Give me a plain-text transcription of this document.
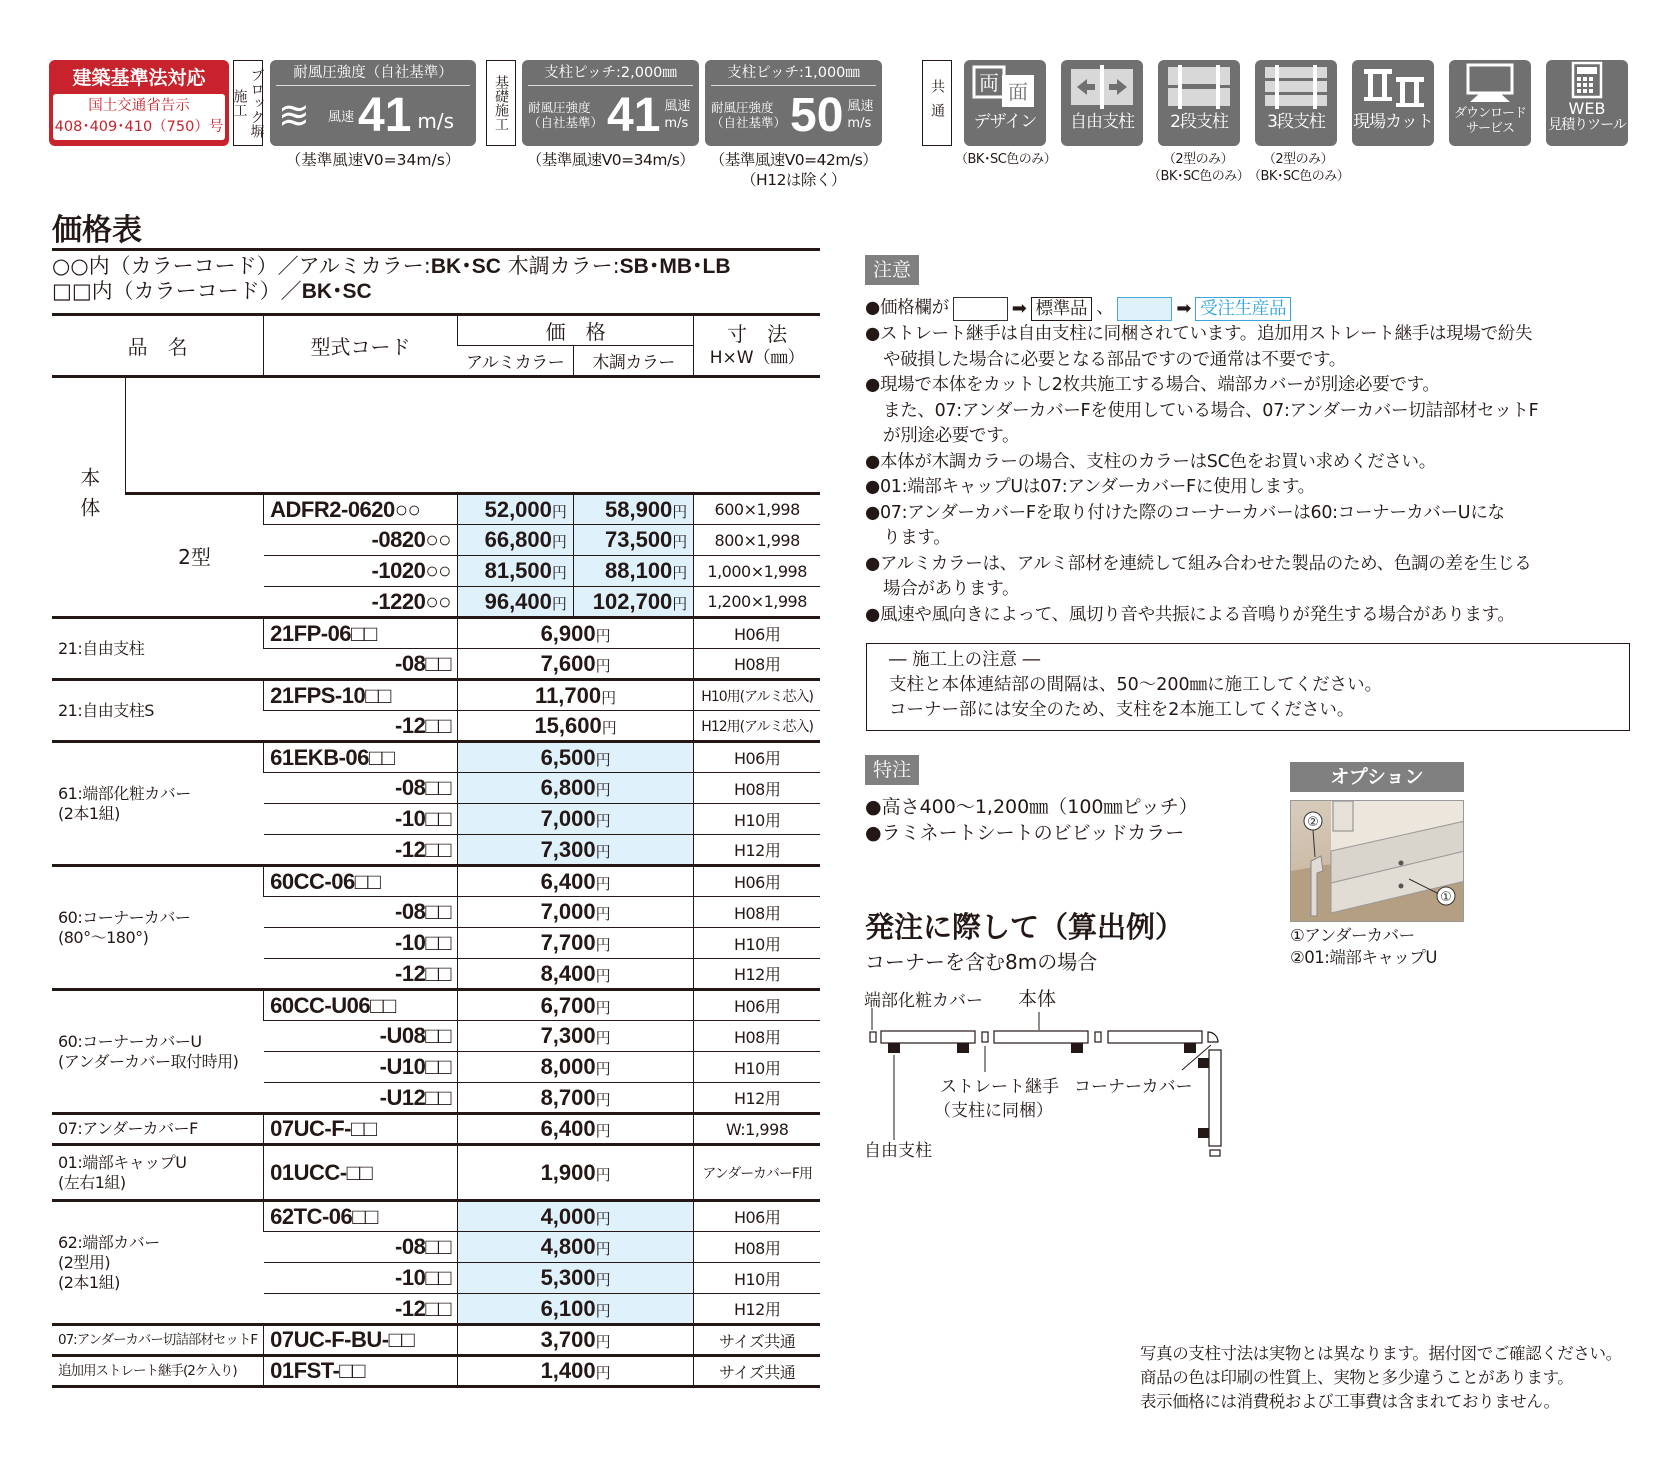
建築基準法対応
国土交通省告示
408･409･410（750）号
施工 ブロック塀	耐風圧強度（自社基準）
≋	風速 41 m/s
（基準風速V0=34m/s）
基礎施工
支柱ピッチ:2,000㎜
耐風圧強度
（自社基準） 41 風速
m/s
（基準風速V0=34m/s）
支柱ピッチ:1,000㎜
耐風圧強度
（自社基準） 50 風速
m/s
（基準風速V0=42m/s）
（H12は除く）
共通 両 面
デザイン
（BK･SC色のみ）
自由支柱	2段支柱
（2型のみ）
（BK･SC色のみ）
3段支柱
（2型のみ）
（BK･SC色のみ）
現場カット	ダウンロード
サービス
WEB
見積りツール
価格表
○○内（カラーコード）／アルミカラー:BK･SC 木調カラー:SB･MB･LB
□□内（カラーコード）／BK･SC
品　名		型式コード	価　格		寸　法
H×W（㎜）

			アルミカラー	木調カラー	
本体					
	2型	ADFR2-0620○○	52,000円	58,900円	600×1,998
		-0820○○	66,800円	73,500円	800×1,998
		-1020○○	81,500円	88,100円	1,000×1,998
		-1220○○	96,400円	102,700円	1,200×1,998

21:自由支柱		21FP-06□□	6,900円		H06用
		-08□□	7,600円		H08用

21:自由支柱S		21FPS-10□□	11,700円		H10用(アルミ芯入)
		-12□□	15,600円		H12用(アルミ芯入)

61:端部化粧カバー
(2本1組)		61EKB-06□□	6,500円		H06用
		-08□□	6,800円		H08用
		-10□□	7,000円		H10用
		-12□□	7,300円		H12用

60:コーナーカバー
(80°〜180°)		60CC-06□□	6,400円		H06用
		-08□□	7,000円		H08用
		-10□□	7,700円		H10用
		-12□□	8,400円		H12用

60:コーナーカバーU
(アンダーカバー取付時用)		60CC-U06□□	6,700円		H06用
		-U08□□	7,300円		H08用
		-U10□□	8,000円		H10用
		-U12□□	8,700円		H12用

07:アンダーカバーF		07UC-F-□□	6,400円		W:1,998

01:端部キャップU
(左右1組)		01UCC-□□	1,900円		アンダーカバーF用

62:端部カバー
(2型用)
(2本1組)		62TC-06□□	4,000円		H06用
		-08□□	4,800円		H08用
		-10□□	5,300円		H10用
		-12□□	6,100円		H12用

07:アンダーカバー切詰部材セットF		07UC-F-BU-□□	3,700円		サイズ共通

追加用ストレート継手(2ケ入り)		01FST-□□	1,400円		サイズ共通
注意
●価格欄が	➡ 標準品 、	➡ 受注生産品
●ストレート継手は自由支柱に同梱されています。追加用ストレート継手は現場で紛失
や破損した場合に必要となる部品ですので通常は不要です。
●現場で本体をカットし2枚共施工する場合、端部カバーが別途必要です。
また、07:アンダーカバーFを使用している場合、07:アンダーカバー切詰部材セットF
が別途必要です。
●本体が木調カラーの場合、支柱のカラーはSC色をお買い求めください。
●01:端部キャップUは07:アンダーカバーFに使用します。
●07:アンダーカバーFを取り付けた際のコーナーカバーは60:コーナーカバーUにな
ります。
●アルミカラーは、アルミ部材を連続して組み合わせた製品のため、色調の差を生じる
場合があります。
●風速や風向きによって、風切り音や共振による音鳴りが発生する場合があります。
― 施工上の注意 ―
支柱と本体連結部の間隔は、50〜200㎜に施工してください。
コーナー部には安全のため、支柱を2本施工してください。
特注
●高さ400〜1,200㎜（100㎜ピッチ）
●ラミネートシートのビビッドカラー
オプション
②
①
①アンダーカバー
②01:端部キャップU
発注に際して（算出例）
コーナーを含む8mの場合
端部化粧カバー 本体
ストレート継手
（支柱に同梱）
コーナーカバー
自由支柱
写真の支柱寸法は実物とは異なります。据付図でご確認ください。
商品の色は印刷の性質上、実物と多少違うことがあります。
表示価格には消費税および工事費は含まれておりません。
